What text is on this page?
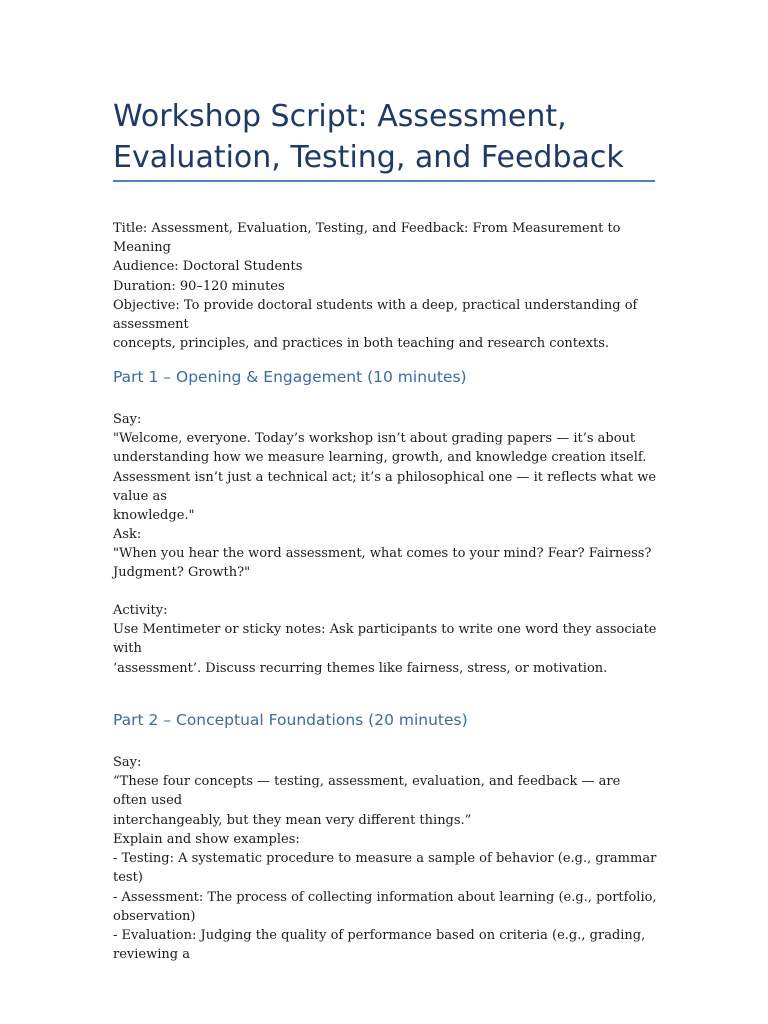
Workshop Script: Assessment,
Evaluation, Testing, and Feedback

Title: Assessment, Evaluation, Testing, and Feedback: From Measurement to Meaning

Audience: Doctoral Students

Duration: 90–120 minutes

Objective: To provide doctoral students with a deep, practical understanding of assessment

concepts, principles, and practices in both teaching and research contexts.

Part 1 – Opening & Engagement (10 minutes)

Say:

"Welcome, everyone. Today’s workshop isn’t about grading papers — it’s about

understanding how we measure learning, growth, and knowledge creation itself.

Assessment isn’t just a technical act; it’s a philosophical one — it reflects what we value as

knowledge."

Ask:

"When you hear the word assessment, what comes to your mind? Fear? Fairness?

Judgment? Growth?"

Activity:

Use Mentimeter or sticky notes: Ask participants to write one word they associate with

‘assessment’. Discuss recurring themes like fairness, stress, or motivation.

Part 2 – Conceptual Foundations (20 minutes)

Say:

“These four concepts — testing, assessment, evaluation, and feedback — are often used

interchangeably, but they mean very different things.”

Explain and show examples:

- Testing: A systematic procedure to measure a sample of behavior (e.g., grammar test)

- Assessment: The process of collecting information about learning (e.g., portfolio,

observation)

- Evaluation: Judging the quality of performance based on criteria (e.g., grading, reviewing a
